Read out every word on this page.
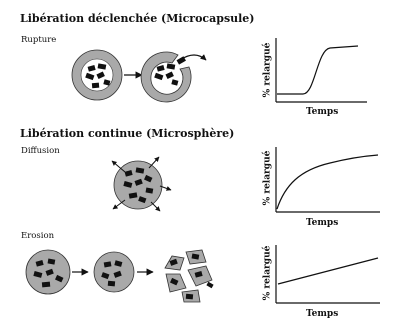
Libération déclenchée (Microcapsule)
Rupture
% relargué
Temps
Libération continue (Microsphère)
Diffusion	% relargué
Temps
Erosion
% relargué
Temps
